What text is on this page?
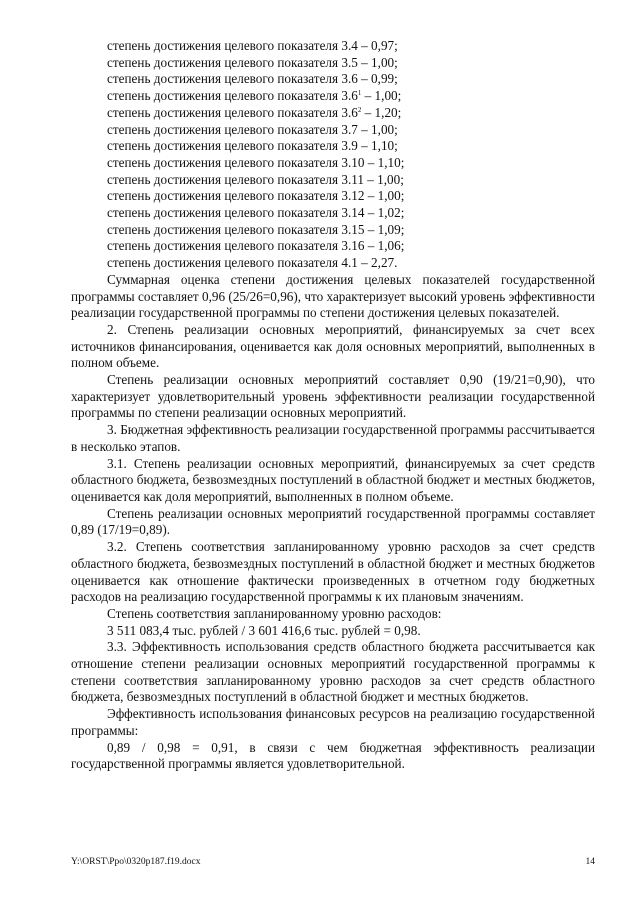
степень достижения целевого показателя 3.4 – 0,97;
степень достижения целевого показателя 3.5 – 1,00;
степень достижения целевого показателя 3.6 – 0,99;
степень достижения целевого показателя $3.6^1 - 1,00$;
степень достижения целевого показателя $3.6^2 - 1,20$;
степень достижения целевого показателя 3.7 – 1,00;
степень достижения целевого показателя 3.9 – 1,10;
степень достижения целевого показателя 3.10 – 1,10;
степень достижения целевого показателя 3.11 – 1,00;
степень достижения целевого показателя 3.12 – 1,00;
степень достижения целевого показателя 3.14 – 1,02;
степень достижения целевого показателя 3.15 – 1,09;
степень достижения целевого показателя 3.16 – 1,06;
степень достижения целевого показателя 4.1 – 2,27.

Суммарная оценка степени достижения целевых показателей государственной программы составляет 0,96 (25/26=0,96), что характеризует высокий уровень эффективности реализации государственной программы по степени достижения целевых показателей.

2. Степень реализации основных мероприятий, финансируемых за счет всех источников финансирования, оценивается как доля основных мероприятий, выполненных в полном объеме.

Степень реализации основных мероприятий составляет 0,90 (19/21=0,90), что характеризует удовлетворительный уровень эффективности реализации государственной программы по степени реализации основных мероприятий.

3. Бюджетная эффективность реализации государственной программы рассчитывается в несколько этапов.

3.1. Степень реализации основных мероприятий, финансируемых за счет средств областного бюджета, безвозмездных поступлений в областной бюджет и местных бюджетов, оценивается как доля мероприятий, выполненных в полном объеме.

Степень реализации основных мероприятий государственной программы составляет 0,89 (17/19=0,89).

3.2. Степень соответствия запланированному уровню расходов за счет средств областного бюджета, безвозмездных поступлений в областной бюджет и местных бюджетов оценивается как отношение фактически произведенных в отчетном году бюджетных расходов на реализацию государственной программы к их плановым значениям.

Степень соответствия запланированному уровню расходов:

3 511 083,4 тыс. рублей / 3 601 416,6 тыс. рублей = 0,98.

3.3. Эффективность использования средств областного бюджета рассчитывается как отношение степени реализации основных мероприятий государственной программы к степени соответствия запланированному уровню расходов за счет средств областного бюджета, безвозмездных поступлений в областной бюджет и местных бюджетов.

Эффективность использования финансовых ресурсов на реализацию государственной программы:

0,89 / 0,98 = 0,91, в связи с чем бюджетная эффективность реализации государственной программы является удовлетворительной.

Y:\ORST\Ppo\0320p187.f19.docx	14
